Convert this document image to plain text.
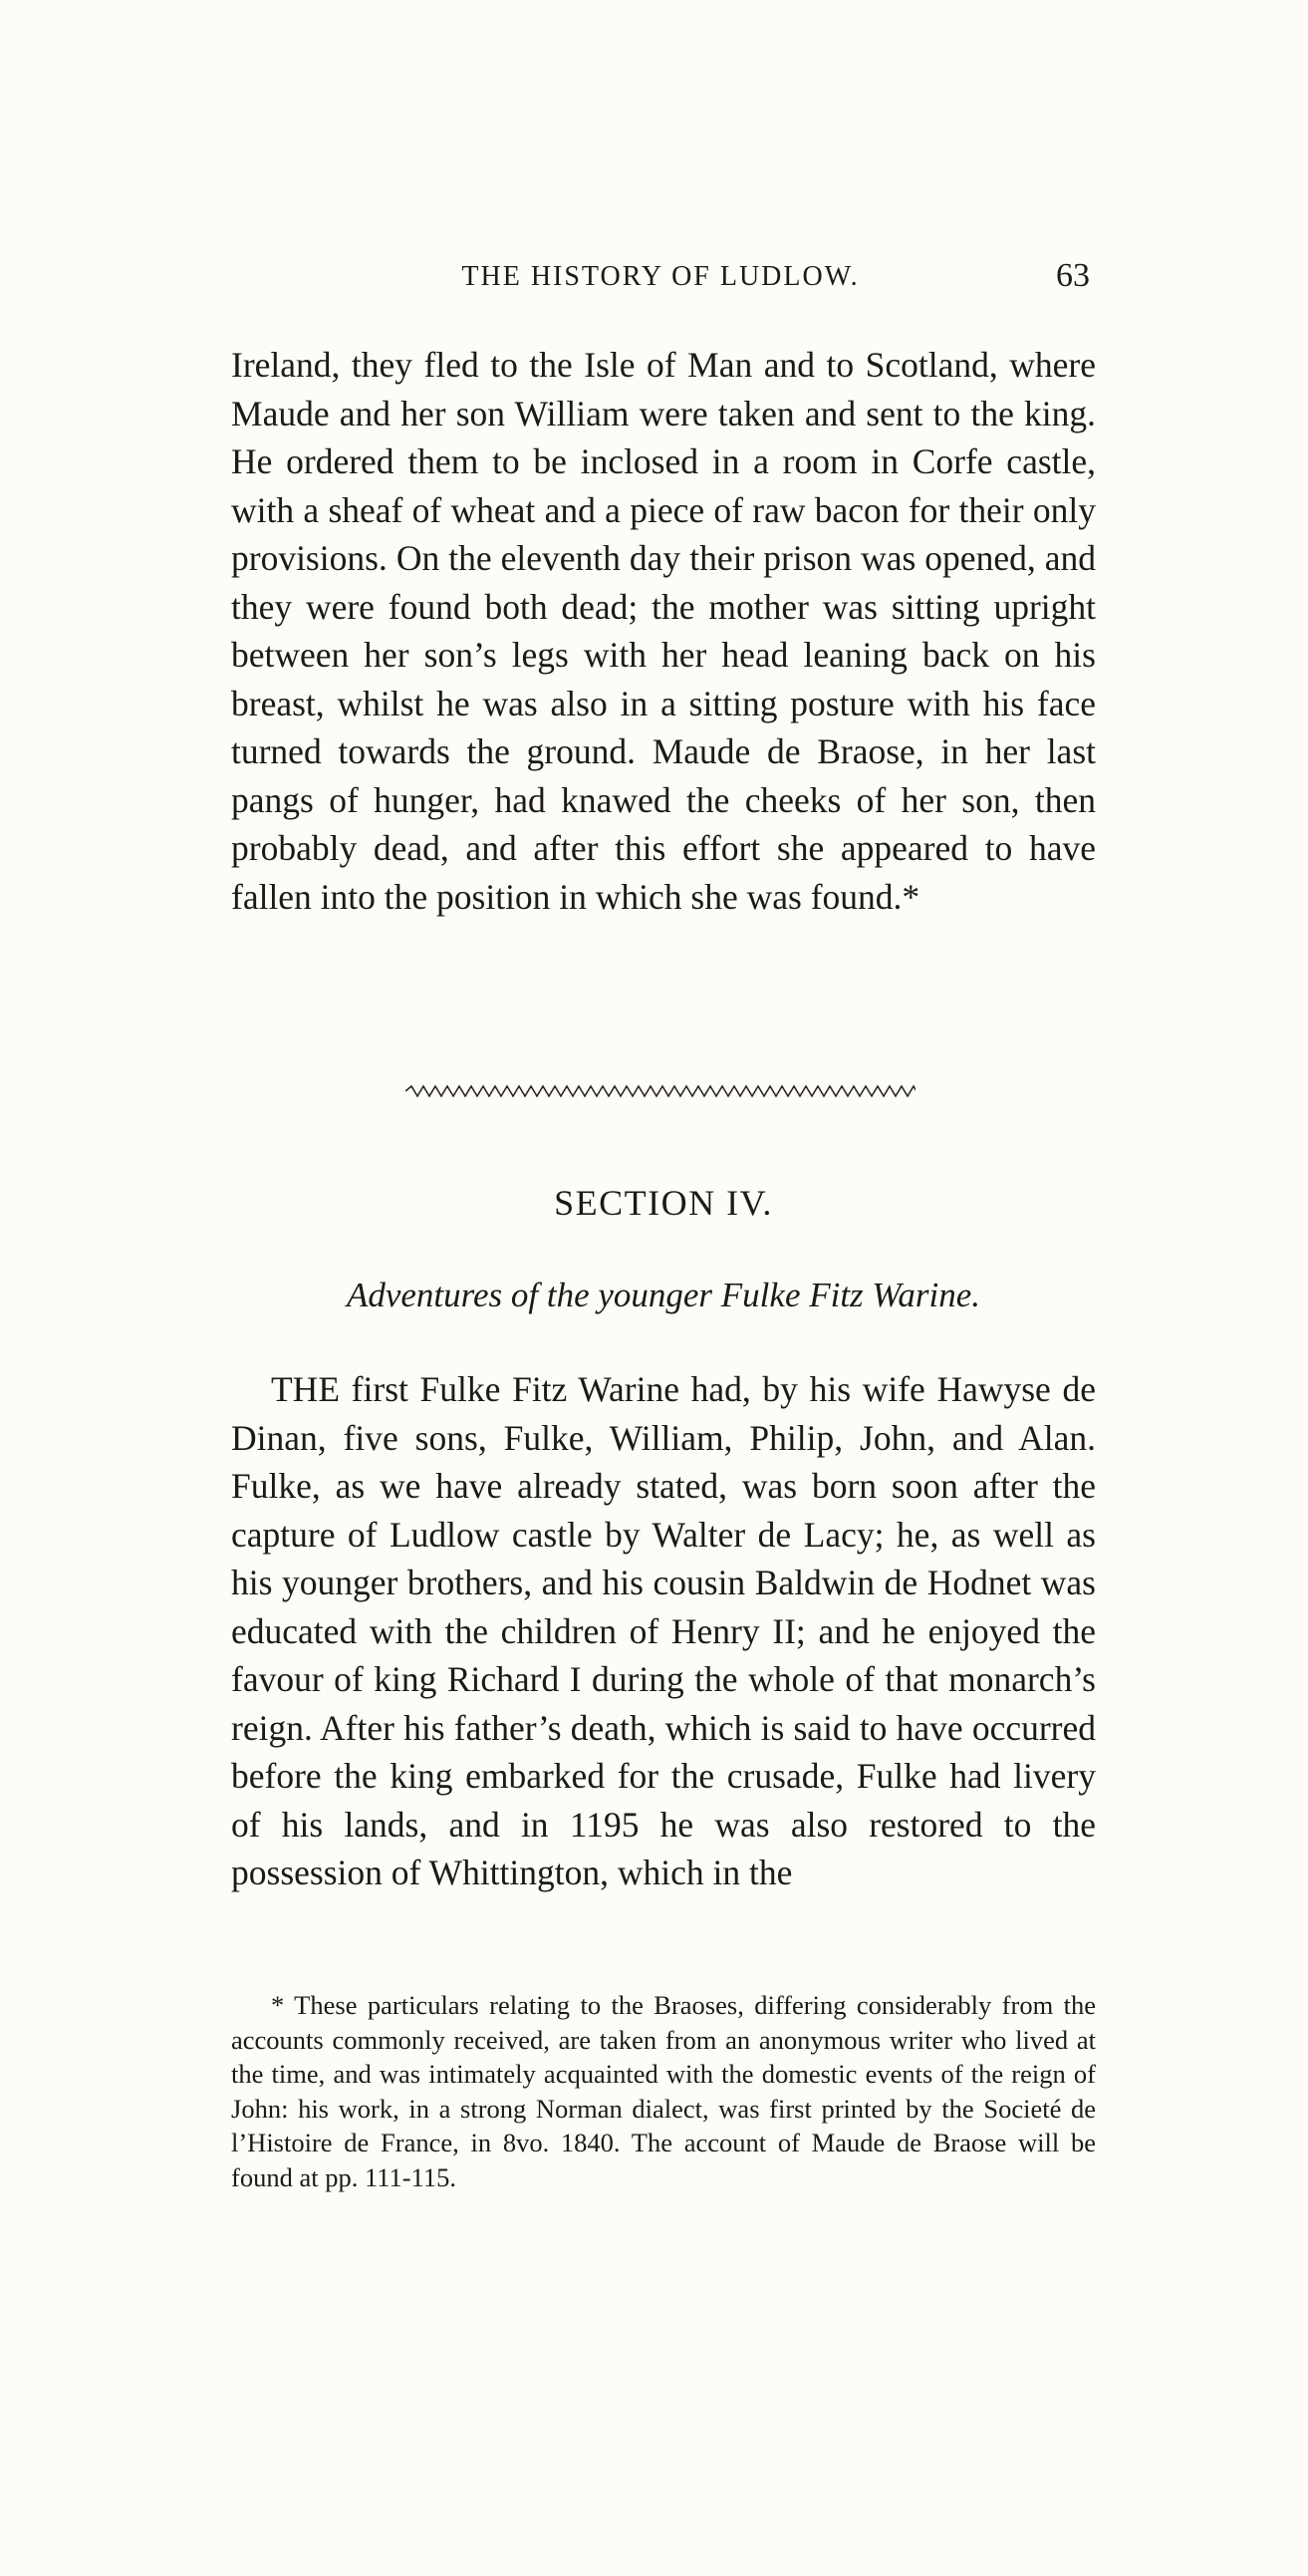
THE HISTORY OF LUDLOW.	63

Ireland, they fled to the Isle of Man and to Scotland, where Maude and her son William were taken and sent to the king. He ordered them to be inclosed in a room in Corfe castle, with a sheaf of wheat and a piece of raw bacon for their only provisions. On the eleventh day their prison was opened, and they were found both dead; the mother was sitting upright between her son’s legs with her head leaning back on his breast, whilst he was also in a sitting posture with his face turned towards the ground. Maude de Braose, in her last pangs of hunger, had knawed the cheeks of her son, then probably dead, and after this effort she appeared to have fallen into the position in which she was found.*

SECTION IV.
Adventures of the younger Fulke Fitz Warine.

THE first Fulke Fitz Warine had, by his wife Hawyse de Dinan, five sons, Fulke, William, Philip, John, and Alan. Fulke, as we have already stated, was born soon after the capture of Ludlow castle by Walter de Lacy; he, as well as his younger brothers, and his cousin Baldwin de Hodnet was educated with the children of Henry II; and he enjoyed the favour of king Richard I during the whole of that monarch’s reign. After his father’s death, which is said to have occurred before the king embarked for the crusade, Fulke had livery of his lands, and in 1195 he was also restored to the possession of Whittington, which in the

* These particulars relating to the Braoses, differing considerably from the accounts commonly received, are taken from an anonymous writer who lived at the time, and was intimately acquainted with the domestic events of the reign of John: his work, in a strong Norman dialect, was first printed by the Societé de l’Histoire de France, in 8vo. 1840. The account of Maude de Braose will be found at pp. 111-115.
